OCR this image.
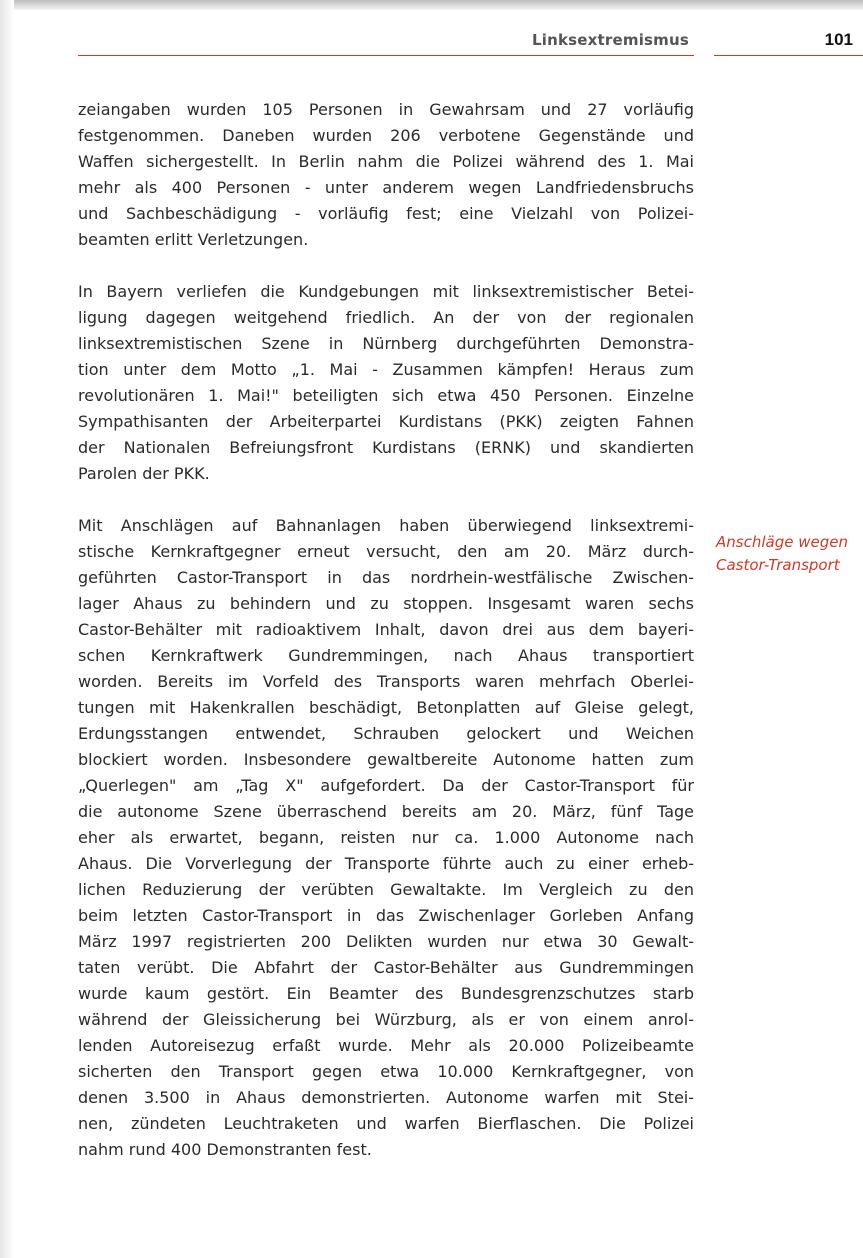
Linksextremismus	101
zeiangaben wurden 105 Personen in Gewahrsam und 27 vorläufig
festgenommen. Daneben wurden 206 verbotene Gegenstände und
Waffen sichergestellt. In Berlin nahm die Polizei während des 1. Mai
mehr als 400 Personen - unter anderem wegen Landfriedensbruchs
und Sachbeschädigung - vorläufig fest; eine Vielzahl von Polizei-
beamten erlitt Verletzungen.
In Bayern verliefen die Kundgebungen mit linksextremistischer Betei-
ligung dagegen weitgehend friedlich. An der von der regionalen
linksextremistischen Szene in Nürnberg durchgeführten Demonstra-
tion unter dem Motto „1. Mai - Zusammen kämpfen! Heraus zum
revolutionären 1. Mai!" beteiligten sich etwa 450 Personen. Einzelne
Sympathisanten der Arbeiterpartei Kurdistans (PKK) zeigten Fahnen
der Nationalen Befreiungsfront Kurdistans (ERNK) und skandierten
Parolen der PKK.
Mit Anschlägen auf Bahnanlagen haben überwiegend linksextremi-
stische Kernkraftgegner erneut versucht, den am 20. März durch-
geführten Castor-Transport in das nordrhein-westfälische Zwischen-
lager Ahaus zu behindern und zu stoppen. Insgesamt waren sechs
Castor-Behälter mit radioaktivem Inhalt, davon drei aus dem bayeri-
schen Kernkraftwerk Gundremmingen, nach Ahaus transportiert
worden. Bereits im Vorfeld des Transports waren mehrfach Oberlei-
tungen mit Hakenkrallen beschädigt, Betonplatten auf Gleise gelegt,
Erdungsstangen entwendet, Schrauben gelockert und Weichen
blockiert worden. Insbesondere gewaltbereite Autonome hatten zum
„Querlegen" am „Tag X" aufgefordert. Da der Castor-Transport für
die autonome Szene überraschend bereits am 20. März, fünf Tage
eher als erwartet, begann, reisten nur ca. 1.000 Autonome nach
Ahaus. Die Vorverlegung der Transporte führte auch zu einer erheb-
lichen Reduzierung der verübten Gewaltakte. Im Vergleich zu den
beim letzten Castor-Transport in das Zwischenlager Gorleben Anfang
März 1997 registrierten 200 Delikten wurden nur etwa 30 Gewalt-
taten verübt. Die Abfahrt der Castor-Behälter aus Gundremmingen
wurde kaum gestört. Ein Beamter des Bundesgrenzschutzes starb
während der Gleissicherung bei Würzburg, als er von einem anrol-
lenden Autoreisezug erfaßt wurde. Mehr als 20.000 Polizeibeamte
sicherten den Transport gegen etwa 10.000 Kernkraftgegner, von
denen 3.500 in Ahaus demonstrierten. Autonome warfen mit Stei-
nen, zündeten Leuchtraketen und warfen Bierflaschen. Die Polizei
nahm rund 400 Demonstranten fest.
Anschläge wegen
Castor-Transport
